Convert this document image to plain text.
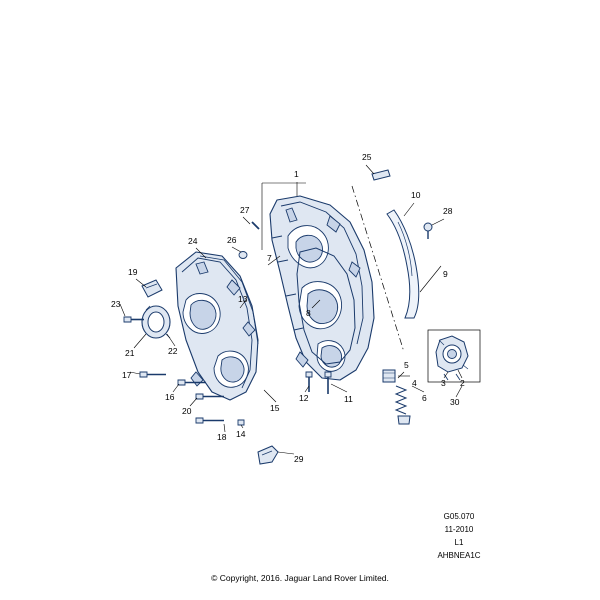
1
2
3
4
5
6
7
8
9
10
11
12
13
14
15
16
17
18
19
20
21	22
23
24
25
26
27	28
29
30
G05.070
11-2010
L1
AHBNEA1C
© Copyright, 2016. Jaguar Land Rover Limited.
